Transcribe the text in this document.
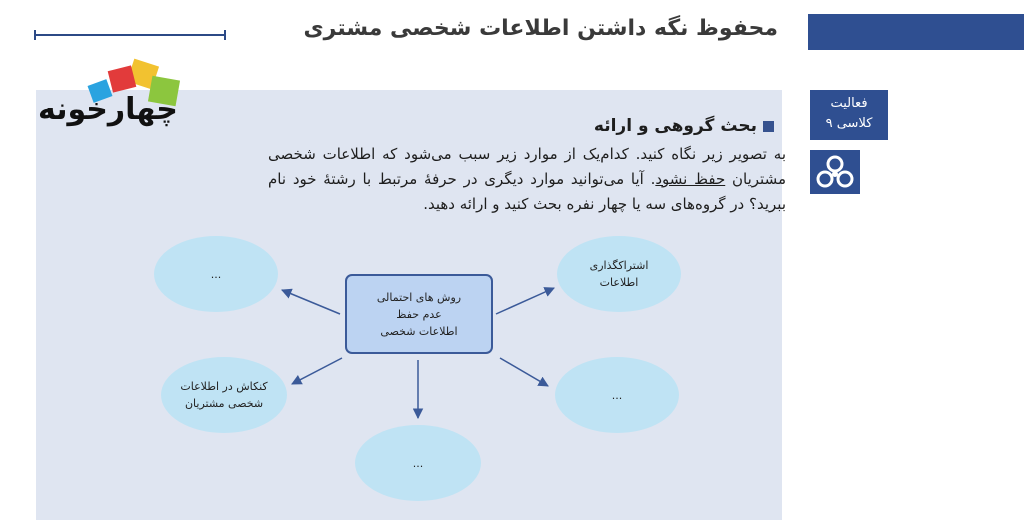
محفوظ نگه داشتن اطلاعات شخصی مشتری
چهارخونه	فعالیت
کلاسی ۹
بحث گروهی و ارائه
به تصویر زیر نگاه کنید. کدام‌یک از موارد زیر سبب می‌شود که اطلاعات شخصی مشتریان حفظ نشود. آیا می‌توانید موارد دیگری در حرفهٔ مرتبط با رشتهٔ خود نام ببرید؟ در گروه‌های سه یا چهار نفره بحث کنید و ارائه دهید.
روش های احتمالی
عدم حفظ
اطلاعات شخصی
...
اشتراکگذاری
اطلاعات
کنکاش در اطلاعات
شخصی مشتریان
...
...
